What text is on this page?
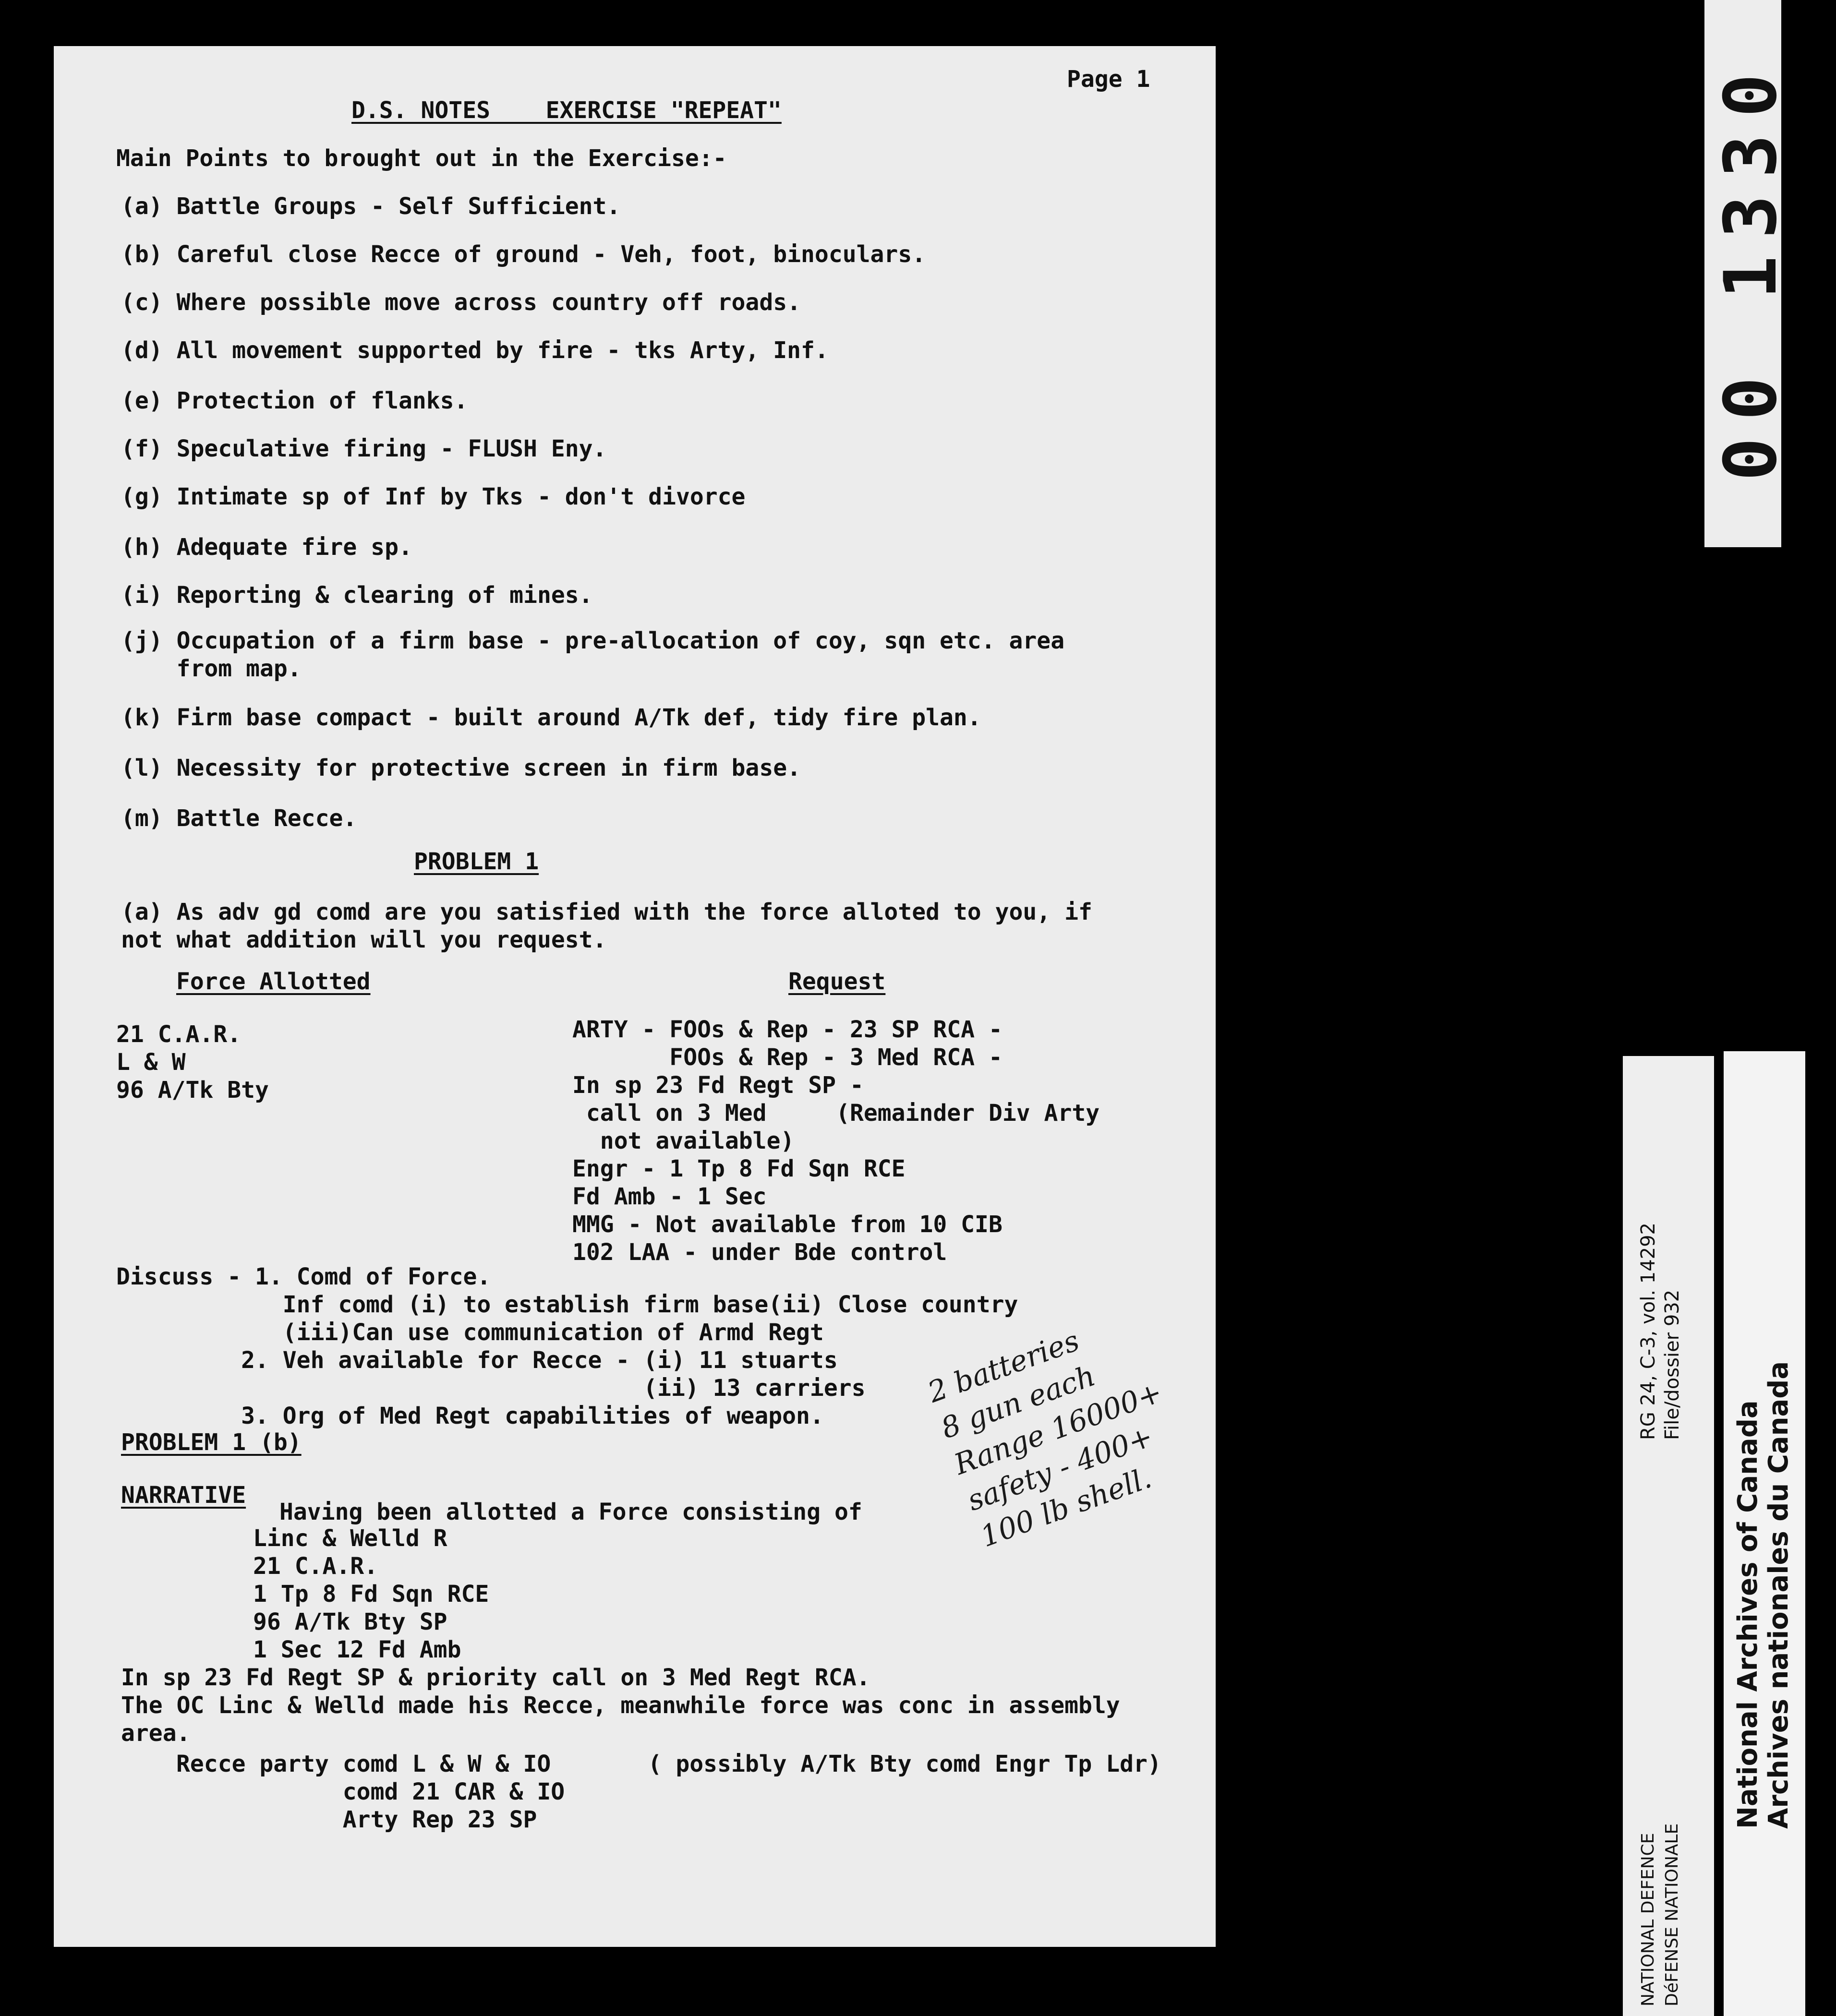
Page 1
D.S. NOTES    EXERCISE "REPEAT"
Main Points to brought out in the Exercise:-
(a) Battle Groups - Self Sufficient.
(b) Careful close Recce of ground - Veh, foot, binoculars.
(c) Where possible move across country off roads.
(d) All movement supported by fire - tks Arty, Inf.
(e) Protection of flanks.
(f) Speculative firing - FLUSH Eny.
(g) Intimate sp of Inf by Tks - don't divorce
(h) Adequate fire sp.
(i) Reporting & clearing of mines.
(j) Occupation of a firm base - pre-allocation of coy, sqn etc. area
from map.
(k) Firm base compact - built around A/Tk def, tidy fire plan.
(l) Necessity for protective screen in firm base.
(m) Battle Recce.
PROBLEM 1
(a) As adv gd comd are you satisfied with the force alloted to you, if
not what addition will you request.
Force Allotted	Request
21 C.A.R.
L & W
96 A/Tk Bty
ARTY - FOOs & Rep - 23 SP RCA -
FOOs & Rep - 3 Med RCA -
In sp 23 Fd Regt SP -
call on 3 Med     (Remainder Div Arty
not available)
Engr - 1 Tp 8 Fd Sqn RCE
Fd Amb - 1 Sec
MMG - Not available from 10 CIB
102 LAA - under Bde control
Discuss - 1. Comd of Force.
Inf comd (i) to establish firm base(ii) Close country
(iii)Can use communication of Armd Regt
2. Veh available for Recce - (i) 11 stuarts
(ii) 13 carriers
3. Org of Med Regt capabilities of weapon.
PROBLEM 1 (b)
NARRATIVE
Having been allotted a Force consisting of
Linc & Welld R
21 C.A.R.
1 Tp 8 Fd Sqn RCE
96 A/Tk Bty SP
1 Sec 12 Fd Amb
In sp 23 Fd Regt SP & priority call on 3 Med Regt RCA.
The OC Linc & Welld made his Recce, meanwhile force was conc in assembly
area.
Recce party comd L & W & IO       ( possibly A/Tk Bty comd Engr Tp Ldr)
comd 21 CAR & IO
Arty Rep 23 SP
2 batteries
8 gun each
Range 16000+
safety - 400+
100 lb shell.
00 1330
RG 24, C-3, vol. 14292 File/dossier 932
NATIONAL DEFENCE DéFENSE NATIONALE
National Archives of Canada Archives nationales du Canada
